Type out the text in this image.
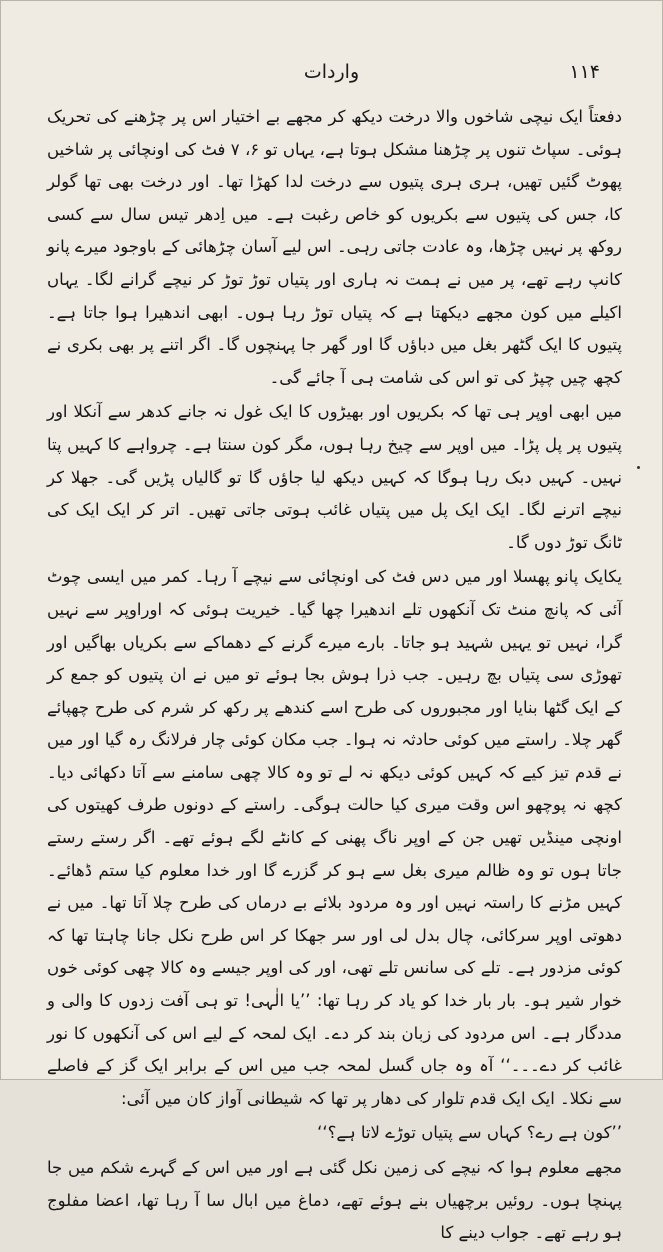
واردات	۱۱۴

دفعتاً ایک نیچی شاخوں والا درخت دیکھ کر مجھے بے اختیار اس پر چڑھنے کی تحریک ہوئی۔ سپاٹ تنوں پر چڑھنا مشکل ہوتا ہے، یہاں تو ۶، ۷ فٹ کی اونچائی پر شاخیں پھوٹ گئیں تھیں، ہری ہری پتیوں سے درخت لدا کھڑا تھا۔ اور درخت بھی تھا گولر کا، جس کی پتیوں سے بکریوں کو خاص رغبت ہے۔ میں اِدھر تیس سال سے کسی روکھ پر نہیں چڑھا، وہ عادت جاتی رہی۔ اس لیے آسان چڑھائی کے باوجود میرے پانو کانپ رہے تھے، پر میں نے ہمت نہ ہاری اور پتیاں توڑ توڑ کر نیچے گرانے لگا۔ یہاں اکیلے میں کون مجھے دیکھتا ہے کہ پتیاں توڑ رہا ہوں۔ ابھی اندھیرا ہوا جاتا ہے۔ پتیوں کا ایک گٹھر بغل میں دباؤں گا اور گھر جا پہنچوں گا۔ اگر اتنے پر بھی بکری نے کچھ چیں چپڑ کی تو اس کی شامت ہی آ جائے گی۔

میں ابھی اوپر ہی تھا کہ بکریوں اور بھیڑوں کا ایک غول نہ جانے کدھر سے آنکلا اور پتیوں پر پل پڑا۔ میں اوپر سے چیخ رہا ہوں، مگر کون سنتا ہے۔ چرواہے کا کہیں پتا نہیں۔ کہیں دبک رہا ہوگا کہ کہیں دیکھ لیا جاؤں گا تو گالیاں پڑیں گی۔ جھلا کر نیچے اترنے لگا۔ ایک ایک پل میں پتیاں غائب ہوتی جاتی تھیں۔ اتر کر ایک ایک کی ٹانگ توڑ دوں گا۔

یکایک پانو پھسلا اور میں دس فٹ کی اونچائی سے نیچے آ رہا۔ کمر میں ایسی چوٹ آئی کہ پانچ منٹ تک آنکھوں تلے اندھیرا چھا گیا۔ خیریت ہوئی کہ اوراوپر سے نہیں گرا، نہیں تو یہیں شہید ہو جاتا۔ بارے میرے گرنے کے دھماکے سے بکریاں بھاگیں اور تھوڑی سی پتیاں بچ رہیں۔ جب ذرا ہوش بجا ہوئے تو میں نے ان پتیوں کو جمع کر کے ایک گٹھا بنایا اور مجبوروں کی طرح اسے کندھے پر رکھ کر شرم کی طرح چھپائے گھر چلا۔ راستے میں کوئی حادثہ نہ ہوا۔ جب مکان کوئی چار فرلانگ رہ گیا اور میں نے قدم تیز کیے کہ کہیں کوئی دیکھ نہ لے تو وہ کالا چھی سامنے سے آتا دکھائی دیا۔ کچھ نہ پوچھو اس وقت میری کیا حالت ہوگی۔ راستے کے دونوں طرف کھیتوں کی اونچی مینڈیں تھیں جن کے اوپر ناگ پھنی کے کانٹے لگے ہوئے تھے۔ اگر رستے رستے جاتا ہوں تو وہ ظالم میری بغل سے ہو کر گزرے گا اور خدا معلوم کیا ستم ڈھائے۔ کہیں مڑنے کا راستہ نہیں اور وہ مردود بلائے بے درماں کی طرح چلا آتا تھا۔ میں نے دھوتی اوپر سرکائی، چال بدل لی اور سر جھکا کر اس طرح نکل جانا چاہتا تھا کہ کوئی مزدور ہے۔ تلے کی سانس تلے تھی، اور کی اوپر جیسے وہ کالا چھی کوئی خوں خوار شیر ہو۔ بار بار خدا کو یاد کر رہا تھا: ’’یا الٰہی! تو ہی آفت زدوں کا والی و مددگار ہے۔ اس مردود کی زبان بند کر دے۔ ایک لمحہ کے لیے اس کی آنکھوں کا نور غائب کر دے۔۔۔‘‘ آہ وہ جاں گسل لمحہ جب میں اس کے برابر ایک گز کے فاصلے سے نکلا۔ ایک ایک قدم تلوار کی دھار پر تھا کہ شیطانی آواز کان میں آئی:

’’کون ہے رے؟ کہاں سے پتیاں توڑے لاتا ہے؟‘‘

مجھے معلوم ہوا کہ نیچے کی زمین نکل گئی ہے اور میں اس کے گہرے شکم میں جا پہنچا ہوں۔ روئیں برچھیاں بنے ہوئے تھے، دماغ میں ابال سا آ رہا تھا، اعضا مفلوج ہو رہے تھے۔ جواب دینے کا
